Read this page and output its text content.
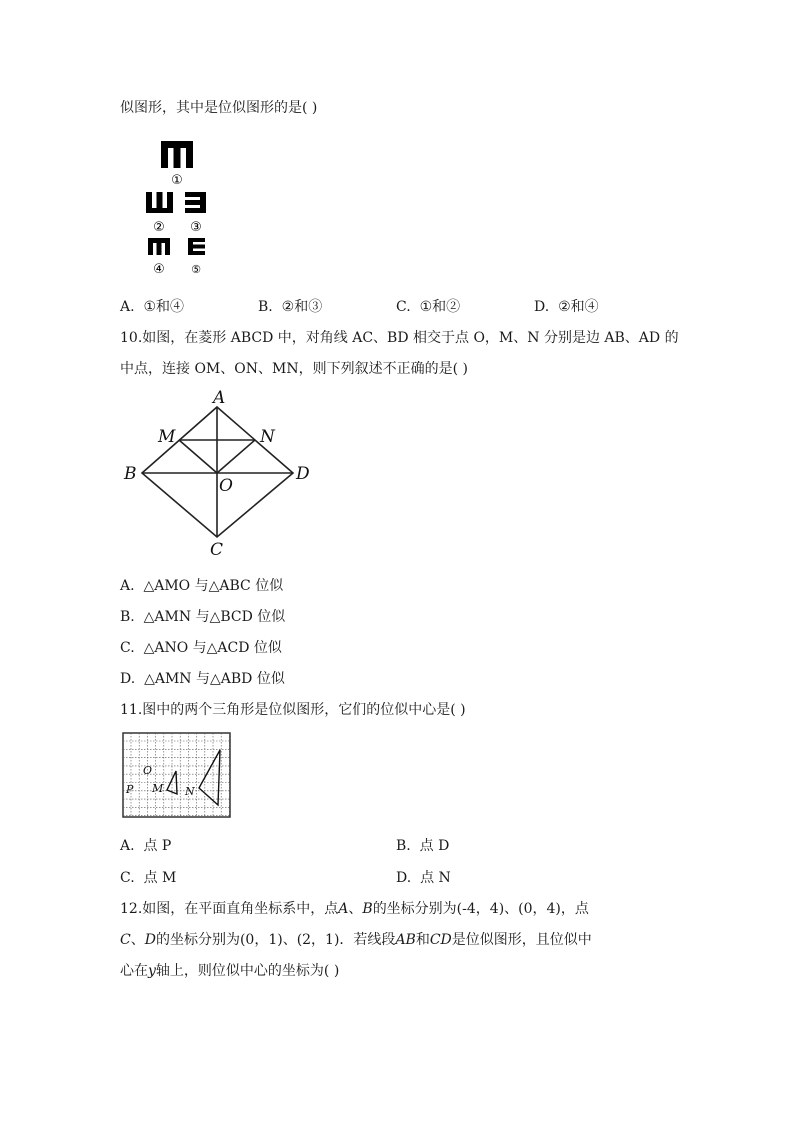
似图形，其中是位似图形的是( )
①
② ③
④ ⑤
A. ①和④	B. ②和③	C. ①和②	D. ②和④
10.如图，在菱形 ABCD 中，对角线 AC、BD 相交于点 O，M、N 分别是边 AB、AD 的
中点，连接 OM、ON、MN，则下列叙述不正确的是( )
A
M	N
B
O
D
C
A. △AMO 与△ABC 位似
B. △AMN 与△BCD 位似
C. △ANO 与△ACD 位似
D. △AMN 与△ABD 位似
11.图中的两个三角形是位似图形，它们的位似中心是( )
O
P M N
A. 点 P	B. 点 D
C. 点 M	D. 点 N
12.如图，在平面直角坐标系中，点A、B的坐标分别为(-4，4)、(0，4)，点
C、D的坐标分别为(0，1)、(2，1)．若线段AB和CD是位似图形，且位似中
心在y轴上，则位似中心的坐标为( )
